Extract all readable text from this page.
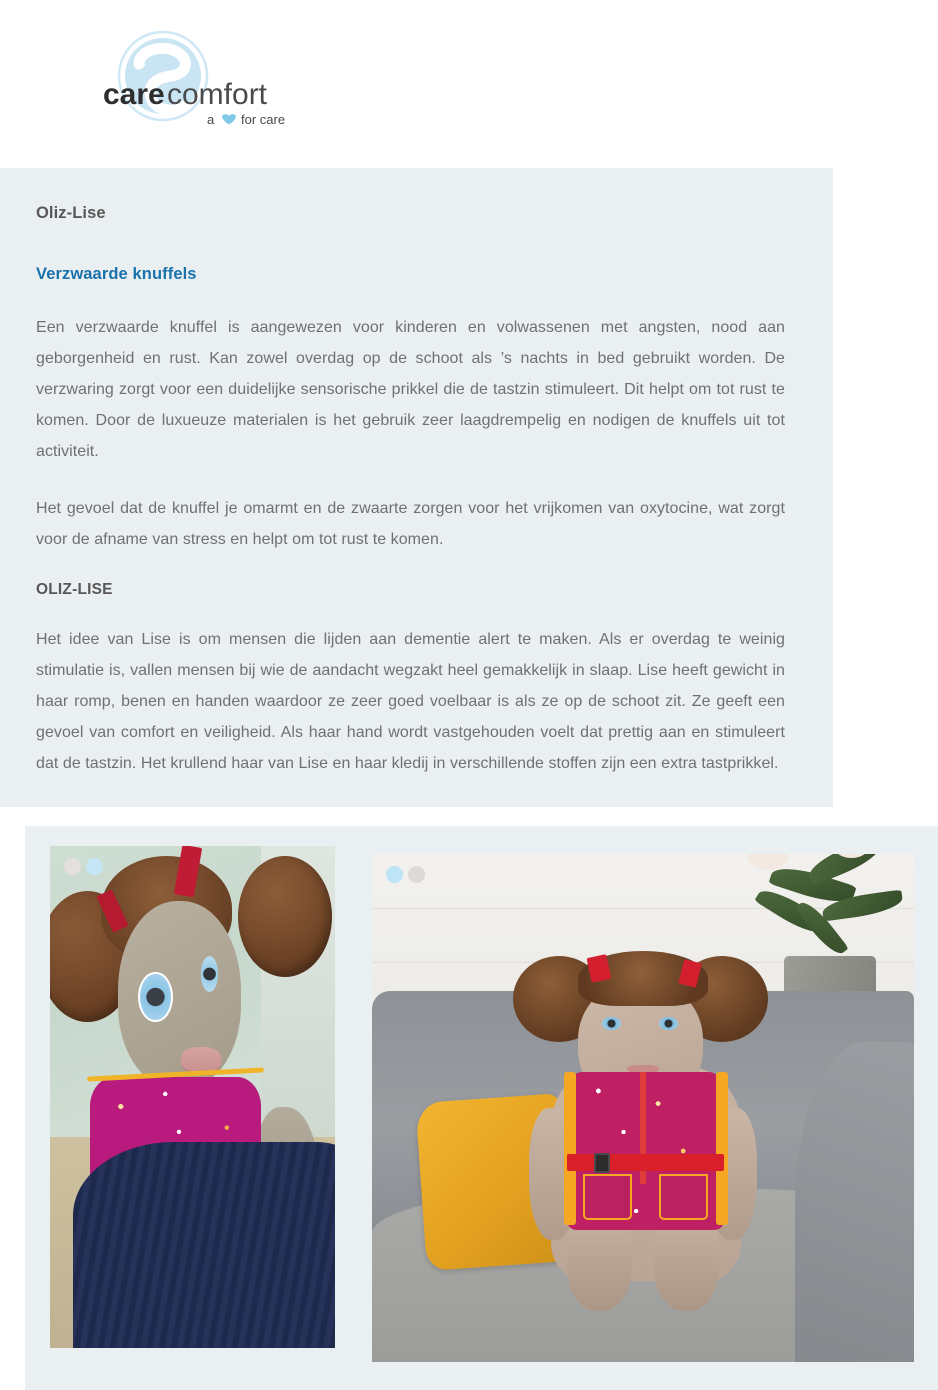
care comfort
a for care
Oliz-Lise
Verzwaarde knuffels

Een verzwaarde knuffel is aangewezen voor kinderen en volwassenen met angsten, nood aan geborgenheid en rust. Kan zowel overdag op de schoot als ’s nachts in bed gebruikt worden. De verzwaring zorgt voor een duidelijke sensorische prikkel die de tastzin stimuleert. Dit helpt om tot rust te komen. Door de luxueuze materialen is het gebruik zeer laagdrempelig en nodigen de knuffels uit tot activiteit.

Het gevoel dat de knuffel je omarmt en de zwaarte zorgen voor het vrijkomen van oxytocine, wat zorgt voor de afname van stress en helpt om tot rust te komen.

OLIZ-LISE

Het idee van Lise is om mensen die lijden aan dementie alert te maken. Als er overdag te weinig stimulatie is, vallen mensen bij wie de aandacht wegzakt heel gemakkelijk in slaap. Lise heeft gewicht in haar romp, benen en handen waardoor ze zeer goed voelbaar is als ze op de schoot zit. Ze geeft een gevoel van comfort en veiligheid. Als haar hand wordt vastgehouden voelt dat prettig aan en stimuleert dat de tastzin. Het krullend haar van Lise en haar kledij in verschillende stoffen zijn een extra tastprikkel.
